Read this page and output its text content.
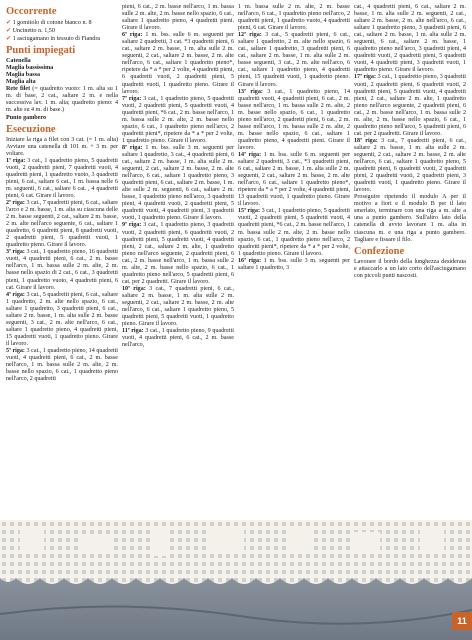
Occorrente

✔ 1 gomitolo di cotone bianco n. 8

✔ Uncinetto n. 1,50

✔ 1 asciugamano in tessuto di Fiandra

Punti impiegati

Catenella

Maglia bassissima

Maglia bassa

Maglia alta

Rete filet (= quadretto vuoto: 1 m. alta su 1 m. di base, 2 cat., saltare 2 m. e nella successiva lav. 1 m. alta; quadretto pieno: 4 m. alte su 4 m. di base.)

Punto gambero

Esecuzione

Iniziare la riga a filet con 3 cat. (= 1 m. alta) Avviare una catenella di 101 m. + 3 m. per voltare.

1ª riga: 3 cat., 1 quadretto pieno, 5 quadretti vuoti, 2 quadretti pieni, 7 quadretti vuoti, 4 quadretti pieni, 1 quadretto vuoto, 3 quadretti pieni, 6 cat., saltare 6 cat., 1 m. bassa nelle 6 m. seguenti, 6 cat., saltare 6 cat. , 4 quadretti pieni, 6 cat. Girare il lavoro.

2ª riga: 3 cat., 7 quadretti pieni, 6 cat., saltare l'arco e 2 m. basse, 1 m. alta su ciascuna delle 2 m. basse seguenti, 2 cat., saltare 2 m. basse, 2 m. alte nell'arco seguente, 6 cat., saltare 1 quadretto, 6 quadretti pieni, 8 quadretti vuoti, 2 quadretti pieni, 5 quadretti vuoti, 1 quadretto pieno. Girare il lavoro.

3ª riga: 3 cat., 1 quadretto pieno, 16 quadretti vuoti, 4 quadretti pieni, 6 cat., 2 m. basse nell'arco, 1 m. bassa sulle 2 m. alte, 2 m. basse nello spazio di 2 cat., 6 cat., 3 quadretti pieni, 1 quadretto vuoto, 4 quadretti pieni, 6 cat. Girare il lavoro.

4ª riga: 3 cat., 5 quadretti pieni, 6 cat., saltare 1 quadretto, 2 m. alte nello spazio, 6 cat., saltare 1 quadretto, 3 quadretti pieni, 6 cat., saltare 2 m. basse, 1 m. alta sulle 2 m. basse seguenti, 3 cat., 2 m. alte nell'arco, 6 cat., saltare 1 quadretto pieno, 4 quadretti pieni, 15 quadretti vuoti, 1 quadretto pieno. Girare il lavoro.

5ª riga: 3 cat., 1 quadretto pieno, 14 quadretti vuoti, 4 quadretti pieni, 6 cat., 2 m. basse nell'arco, 1 m. bassa sulle 2 m. alte, 2 m. basse nello spazio, 6 cat., 1 quadretto pieno nell'arco, 2 quadretti

pieni, 6 cat., 2 m. basse nell'arco, 1 m. bassa sulle 2 m. alte, 2 m. basse nello spazio, 6 cat., saltare 1 quadretto pieno, 4 quadretti pieni. Girare il lavoro.

6ª riga: 1 m. bss. sulle 6 m. seguenti per saltare 2 quadretti, 3 cat. *3 quadretti pieni, 6 cat., saltare 2 m. basse, 1 m. alta sulle 2 m. seguenti, 2 cat., saltare 2 m. basse, 2 m. alte nell'arco, 6 cat., saltare 1 quadretto pieno*, ripetere da * a * per 2 volte, 4 quadretti pieni, 6 quadretti vuoti, 2 quadretti pieni, 5 quadretti vuoti, 1 quadretto pieno. Girare il lavoro.

7ª riga: 3 cat., 1 quadretto pieno, 5 quadretti vuoti, 2 quadretti pieni, 5 quadretti vuoti, 4 quadretti pieni, *6 cat., 2 m. basse nell'arco, 1 m. bassa sulle 2 m. alte, 2 m. basse nello spazio, 6 cat., 1 quadretto pieno nell'arco, 2 quadretti pieni*, ripetere da * a * per 2 volte, 1 quadretto pieno. Girare il lavoro.

8ª riga: 1 m. bss. sulle 3 m. seguenti per saltare 1 quadretto, 3 cat., 4 quadretti pieni, 6 cat., saltare 2 m. basse, 1 m. alta sulle 2 m. seguenti, 2 cat., saltare 2 m. basse, 2 m. alte nell'arco, 6 cat., saltare 1 quadretto pieno, 3 quadretti pieni, 6 cat., saltare 2 m. basse, 1 m. alte sulle 2 m. seguenti, 6 cat., saltare 2 m. basse, 1 quadretto pieno nell'arco, 3 quadretti pieni, 4 quadretti vuoti, 2 quadretti pieni, 5 quadretti vuoti, 4 quadretti pieni, 3 quadretti vuoti, 1 quadretto pieno. Girare il lavoro.

9ª riga: 3 cat., 1 quadretto pieno, 3 quadretti vuoti, 2 quadretti pieni, 6 quadretti vuoti, 2 quadretti pieni, 5 quadretti vuoti, 4 quadretti pieni, 2 cat., saltare 2 m. alte, 1 quadretto pieno nell'arco seguente, 2 quadretti pieni, 6 cat., 2 m. basse nell'arco, 1 m. bassa sulle 2 m. alte, 2 m. basse nello spazio, 6 cat., 1 quadretto pieno nell'arco, 5 quadretti pieni, 6 cat. per 2 quadretti. Girare il lavoro.

10ª riga: 3 cat., 7 quadretti pieni, 6 cat., saltare 2 m. basse, 1 m. alta sulle 2 m. seguenti, 2 cat., saltare 2 m. basse, 2 m. alte nell'arco, 6 cat., saltare 1 quadretto pieno, 5 quadretti pieni, 5 quadretti vuoti, 1 quadretto pieno. Girare il lavoro.

11ª riga: 3 cat., 1 quadretto pieno, 9 quadretti vuoti, 4 quadretti pieni, 6 cat., 2 m. basse nell'arco,

1 m. bassa sulle 2 m. alte, 2 m. basse nell'arco, 6 cat., 1 quadretto pieno nell'arco, 2 quadretti pieni, 1 quadretto vuoto, 4 quadretti pieni, 6 cat. Girare il lavoro.

12ª riga: 3 cat., 5 quadretti pieni, 6 cat., saltare 1 quadretto, 2 m. alte nello spazio, 6 cat., saltare 1 quadretto, 3 quadretti pieni, 6 cat., saltare 2 m. basse, 1 m. alta sulle 2 m. basse seguenti, 3 cat., 2 m. alte nell'arco, 6 cat., saltare 1 quadretto pieno, 4 quadretti pieni, 15 quadretti vuoti, 1 quadretto pieno. Girare il lavoro.

13ª riga: 3 cat., 1 quadretto pieno, 14 quadretti vuoti, 4 quadretti pieni, 6 cat., 2 m. basse nell'arco, 1 m. bassa sulle 2 m. alte, 2 m. basse nello spazio, 6 cat., 1 quadretto pieno nell'arco, 2 quadretti pieni, 6 cat., 2 m. basse nell'arco, 1 m. bassa sulle 2 m. alte, 2 m. basse nello spazio, 6 cat., saltare 1 quadretto pieno, 4 quadretti pieni. Girare il lavoro.

14ª riga: 1 m. bss. sulle 6 m. seguenti per saltare 2 quadretti, 3 cat., *3 quadretti pieni, 6 cat., saltare 2 m. basse, 1 m. alta sulle 2 m. seguenti, 2 cat., saltare 2 m. basse, 2 m. alte nell'arco, 6 cat., saltare 1 quadretto pieno*, ripetere da * a * per 2 volte, 4 quadretti pieni, 13 quadretti vuoti, 1 quadretto pieno. Girare il lavoro.

15ª riga: 3 cat., 1 quadretto pieno, 5 quadretti vuoti, 2 quadretti pieni, 5 quadretti vuoti, 4 quadretti pieni, *6 cat., 2 m. basse nell'arco, 1 m. bassa sulle 2 m. alte, 2 m. basse nello spazio, 6 cat., 1 quadretto pieno nell'arco, 2 quadretti pieni*, ripetere da * a * per 2 volte, 1 quadretto pieno. Girare il lavoro.

16ª riga: 1 m. bss. sulle 3 m. seguenti per saltare 1 quadretto, 3

cat., 4 quadretti pieni, 6 cat., saltare 2 m. basse, 1 m. alta sulle 2 m. seguenti, 2 cat., saltare 2 m. basse, 2 m. alte nell'arco, 6 cat., saltare 1 quadretto pieno, 3 quadretti pieni, 6 cat., saltare 2 m. basse, 1 m. alta sulle 2 m. seguenti, 6 cat., saltare 2 m. basse, 1 quadretto pieno nell'arco, 3 quadretti pieni, 4 quadretti vuoti, 2 quadretti pieni, 5 quadretti vuoti, 4 quadretti pieni, 3 quadretti vuoti, 1 quadretto pieno. Girare il lavoro.

17ª riga: 3 cat., 1 quadretto pieno, 3 quadretti vuoti, 2 quadretti pieni, 6 quadretti vuoti, 2 quadretti pieni, 5 quadretti vuoti, 4 quadretti pieni, 2 cat., saltare 2 m. alte, 1 quadretto pieno nell'arco seguente, 2 quadretti pieni, 6 cat., 2 m. basse nell'arco, 1 m. bassa sulle 2 m. alte, 2 m. basse nello spazio, 6 cat., 1 quadretto pieno nell'arco, 5 quadretti pieni, 6 cat. per 2 quadretti. Girare il lavoro.

18ª riga: 3 cat., 7 quadretti pieni, 6 cat., saltare 2 m. basse, 1 m. alta sulle 2 m. seguenti, 2 cat., saltare 2 m. basse, 2 m. alte nell'arco, 6 cat., saltare 1 quadretto pieno, 5 quadretti pieni, 6 quadretti vuoti, 2 quadretti pieni, 2 quadretti vuoti, 2 quadretti pieni, 3 quadretti vuoti, 1 quadretto pieno. Girare il lavoro.

Proseguire ripetendo il modulo A per il motivo a fiori e il modulo B per il lato smerlato, terminare con una riga a m. alte a una a punto gambero. Sull'altro lato della catenella di avvio lavorare 1 m. alta in ciascuna m. e una riga a punto gambero. Tagliare e fissare il filo.

Confezione

Lavorare il bordo della lunghezza desiderata e attaccarlo a un lato corto dell'asciugamano con piccoli punti nascosti.

11
